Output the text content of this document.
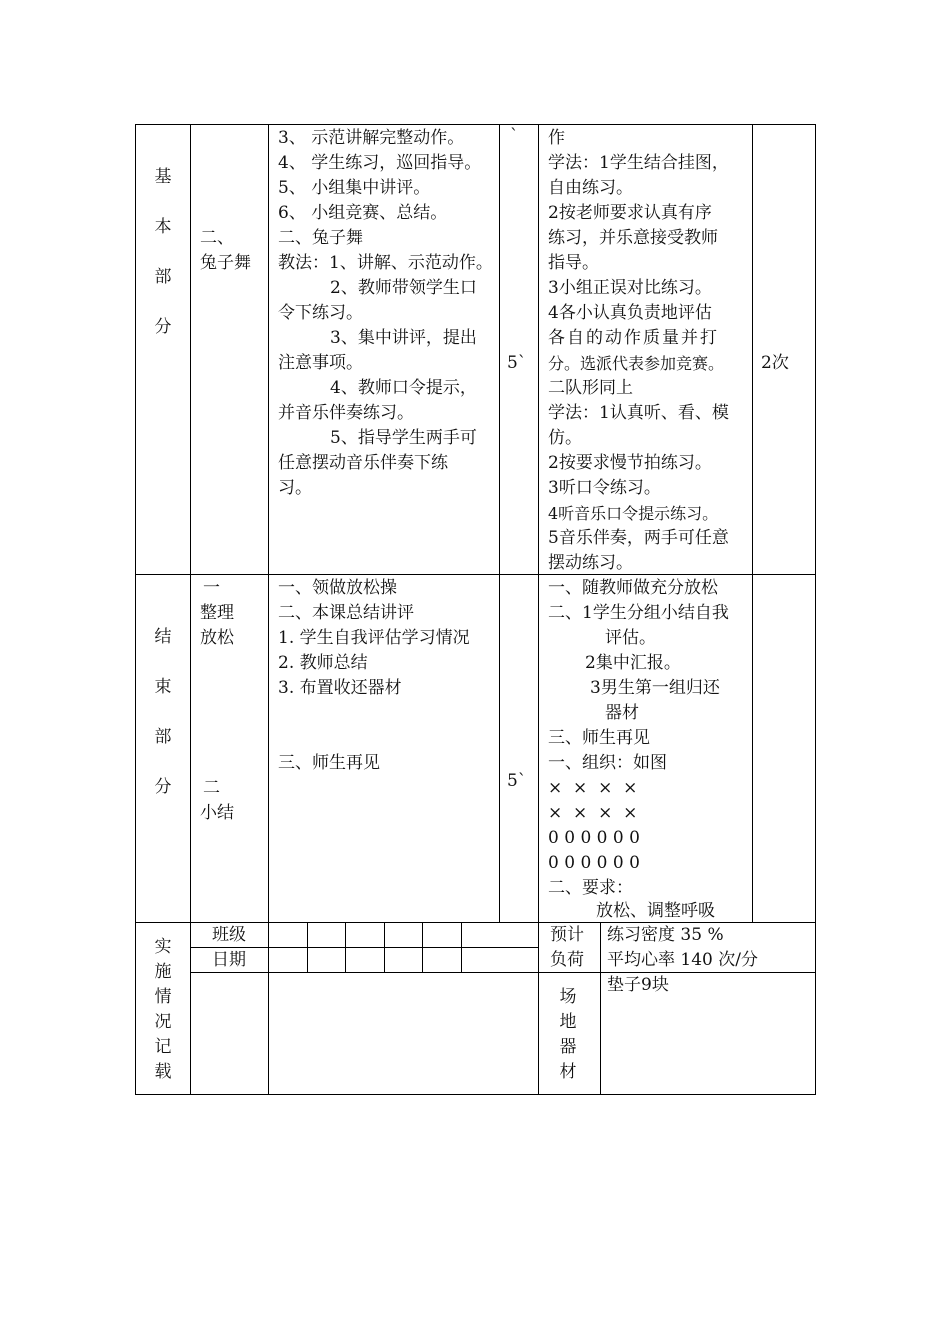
基
本
部
分
二、
兔子舞
3、 示范讲解完整动作。
4、 学生练习，巡回指导。
5、 小组集中讲评。
6、 小组竞赛、总结。
二、兔子舞
教法：1、讲解、示范动作。
2、教师带领学生口
令下练习。
3、集中讲评，提出
注意事项。
4、教师口令提示，
并音乐伴奏练习。
5、指导学生两手可
任意摆动音乐伴奏下练
习。
`
5`
作
学法：1学生结合挂图，
自由练习。
2按老师要求认真有序
练习，并乐意接受教师
指导。
3小组正误对比练习。
4各小认真负责地评估
各自的动作质量并打
分。选派代表参加竞赛。
二队形同上
学法：1认真听、看、模
仿。
2按要求慢节拍练习。
3听口令练习。
4听音乐口令提示练习。
5音乐伴奏，两手可任意
摆动练习。
2次
结
束
部
分
一
整理
放松
二
小结
一、领做放松操
二、本课总结讲评
1. 学生自我评估学习情况
2. 教师总结
3. 布置收还器材
三、师生再见
5`
一、随教师做充分放松
二、1学生分组小结自我
评估。
2集中汇报。
3男生第一组归还
器材
三、师生再见
一、组织：如图
×  ×  ×  ×
×  ×  ×  ×
0 0 0 0 0 0
0 0 0 0 0 0
二、要求：
放松、调整呼吸
实
施
情
况
记
载
班级
日期
预计
负荷
练习密度 35 %
平均心率 140 次/分
场
地
器
材
垫子9块
